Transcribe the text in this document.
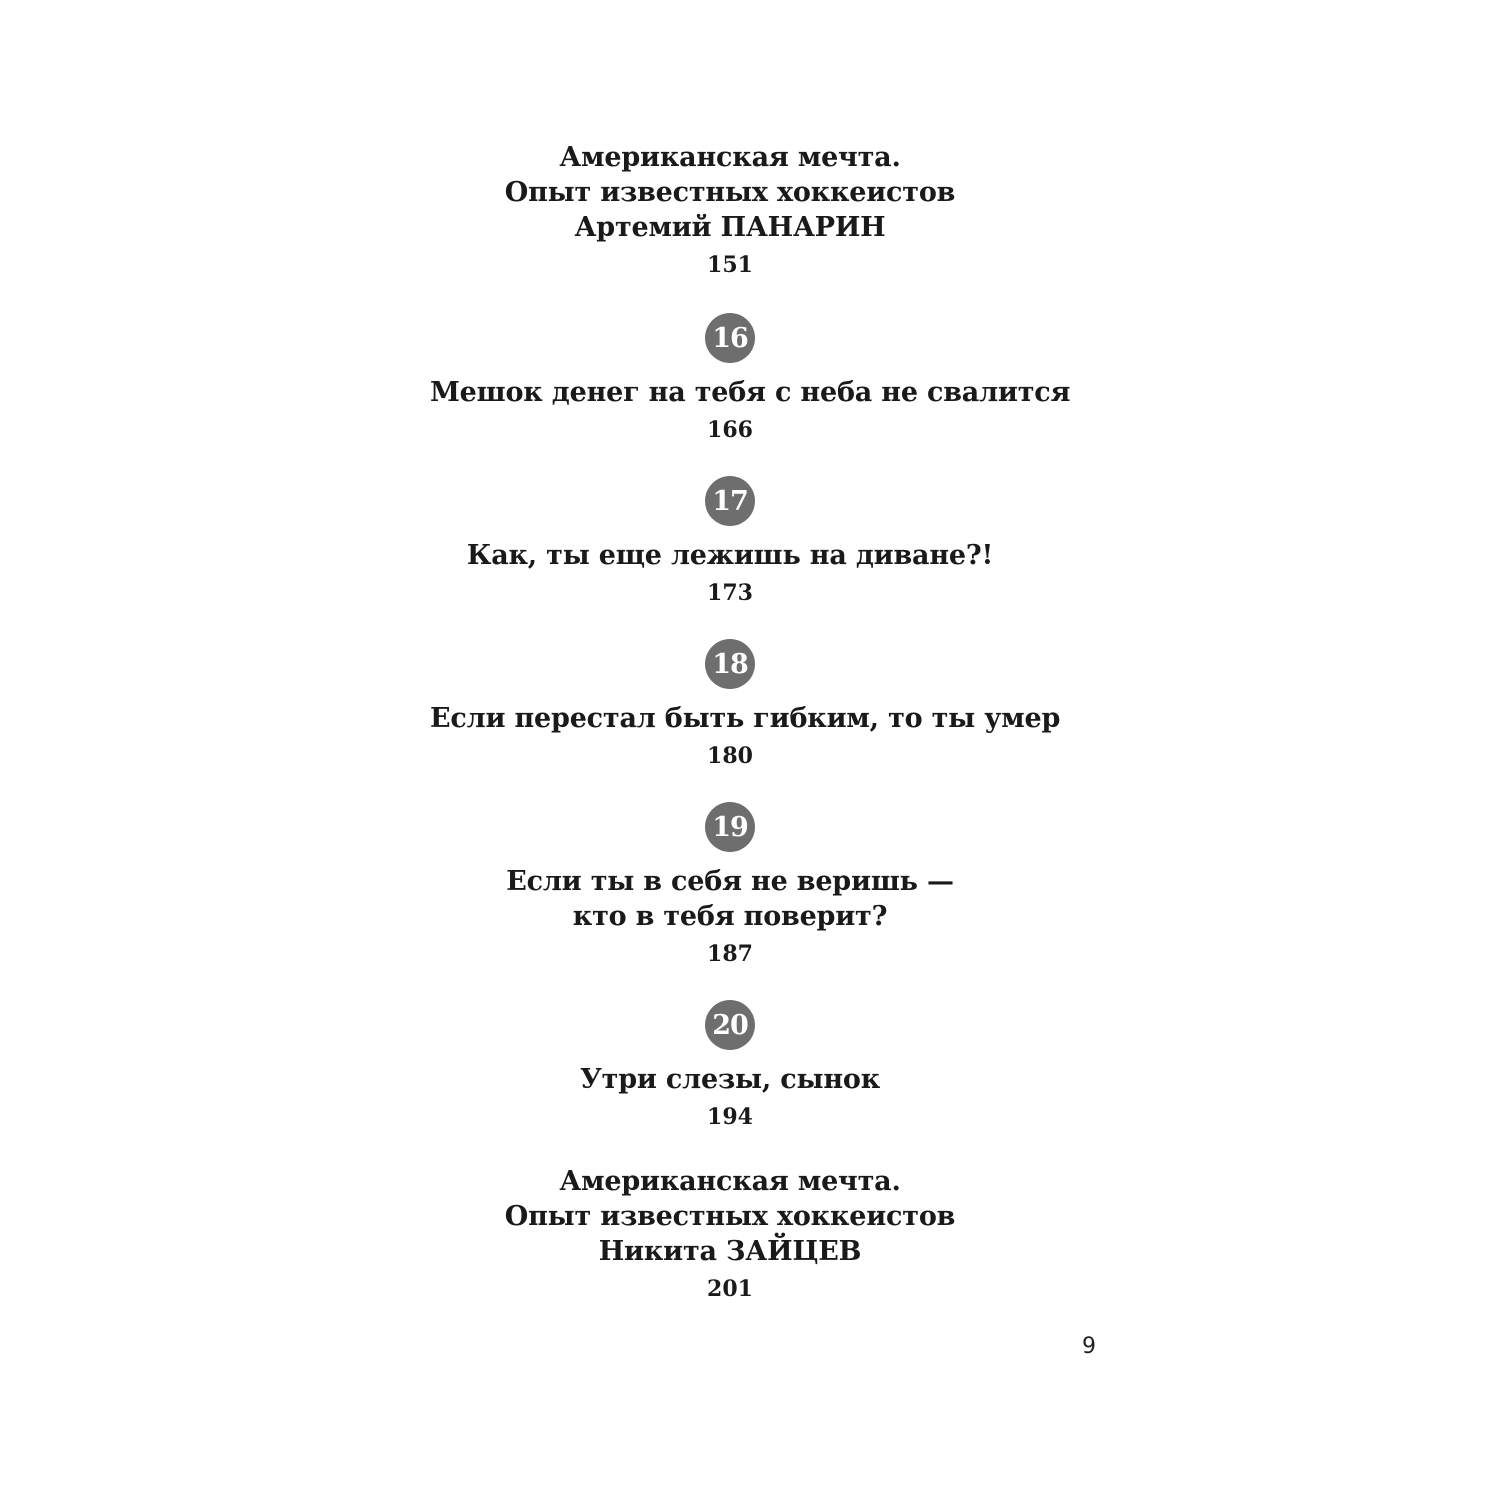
Американская мечта.
Опыт известных хоккеистов
Артемий ПАНАРИН
151
16
Мешок денег на тебя с неба не свалится
166
17
Как, ты еще лежишь на диване?!
173
18
Если перестал быть гибким, то ты умер
180
19
Если ты в себя не веришь —
кто в тебя поверит?
187
20
Утри слезы, сынок
194
Американская мечта.
Опыт известных хоккеистов
Никита ЗАЙЦЕВ
201
9
